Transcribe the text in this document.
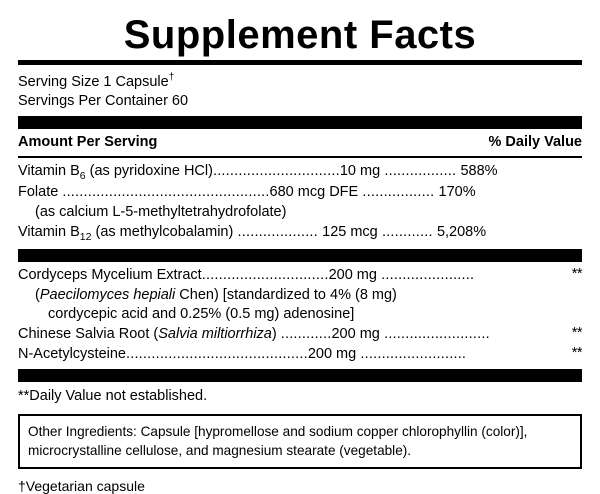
Supplement Facts
Serving Size 1 Capsule†
Servings Per Container 60
Amount Per Serving	% Daily Value
Vitamin $B_6$ (as pyridoxine HCl)..............................10 mg ................. 588%
Folate .................................................680 mcg DFE ................. 170%
(as calcium L-5-methyltetrahydrofolate)
Vitamin $B_{12}$ (as methylcobalamin) ................... 125 mcg ............ 5,208%
Cordyceps Mycelium Extract..............................200 mg ......................	**
(Paecilomyces hepiali Chen) [standardized to 4% (8 mg)
cordycepic acid and 0.25% (0.5 mg) adenosine]
Chinese Salvia Root (Salvia miltiorrhiza) ............200 mg .........................	**
N-Acetylcysteine...........................................200 mg .........................	**
**Daily Value not established.
Other Ingredients: Capsule [hypromellose and sodium copper chlorophyllin (color)],
microcrystalline cellulose, and magnesium stearate (vegetable).
†Vegetarian capsule
